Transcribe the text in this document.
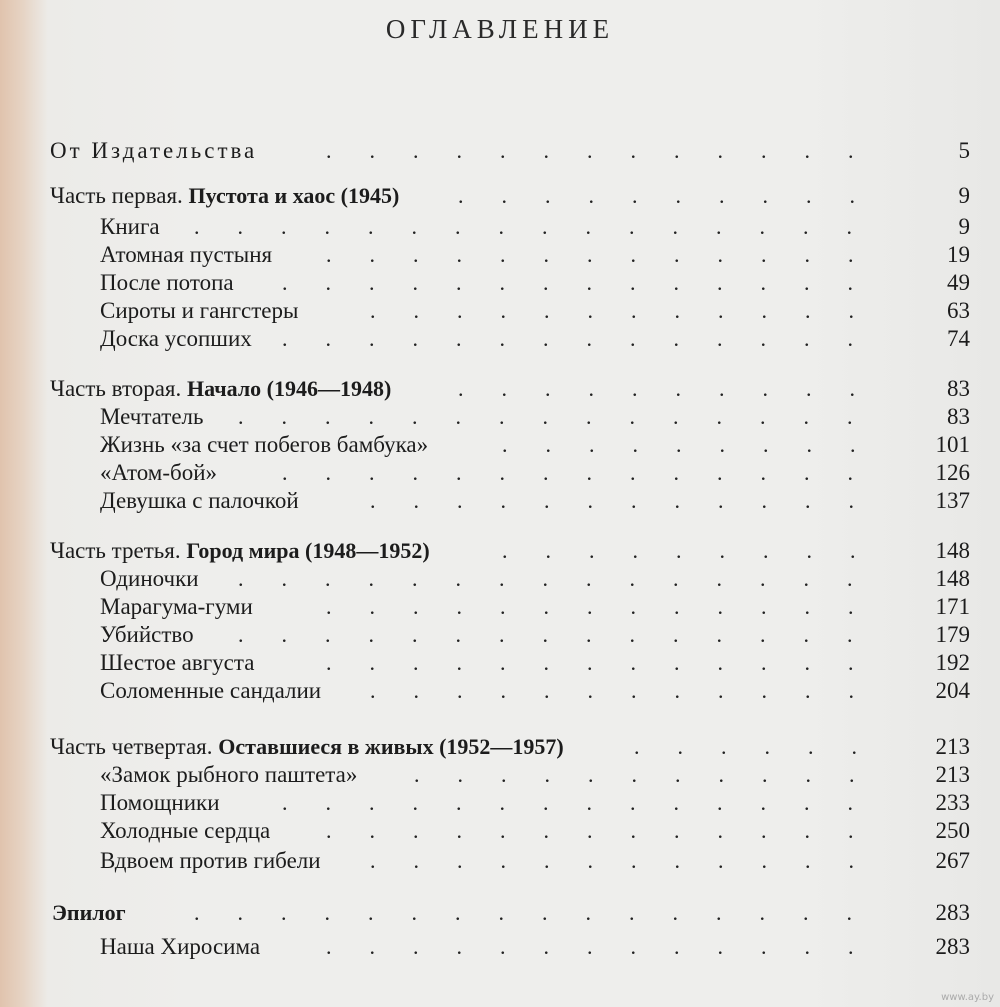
ОГЛАВЛЕНИЕ
От Издательства	.............	5
Часть первая. Пустота и хаос (1945)	..........	9
Книга ................	9
Атомная пустыня .............	19
После потопа ..............	49
Сироты и гангстеры	............	63
Доска усопших ..............	74
Часть вторая. Начало (1946—1948)	..........	83
Мечтатель ...............	83
Жизнь «за счет побегов бамбука»	.........	101
«Атом-бой»	..............	126
Девушка с палочкой	............	137
Часть третья. Город мира (1948—1952)	.........	148
Одиночки ...............	148
Марагума-гуми	.............	171
Убийство ...............	179
Шестое августа	.............	192
Соломенные сандалии ............	204
Часть четвертая. Оставшиеся в живых (1952—1957)	......	213
«Замок рыбного паштета»	...........	213
Помощники	..............	233
Холодные сердца	.............	250
Вдвоем против гибели ............	267
Эпилог	................	283
Наша Хиросима	.............	283
www.ay.by
